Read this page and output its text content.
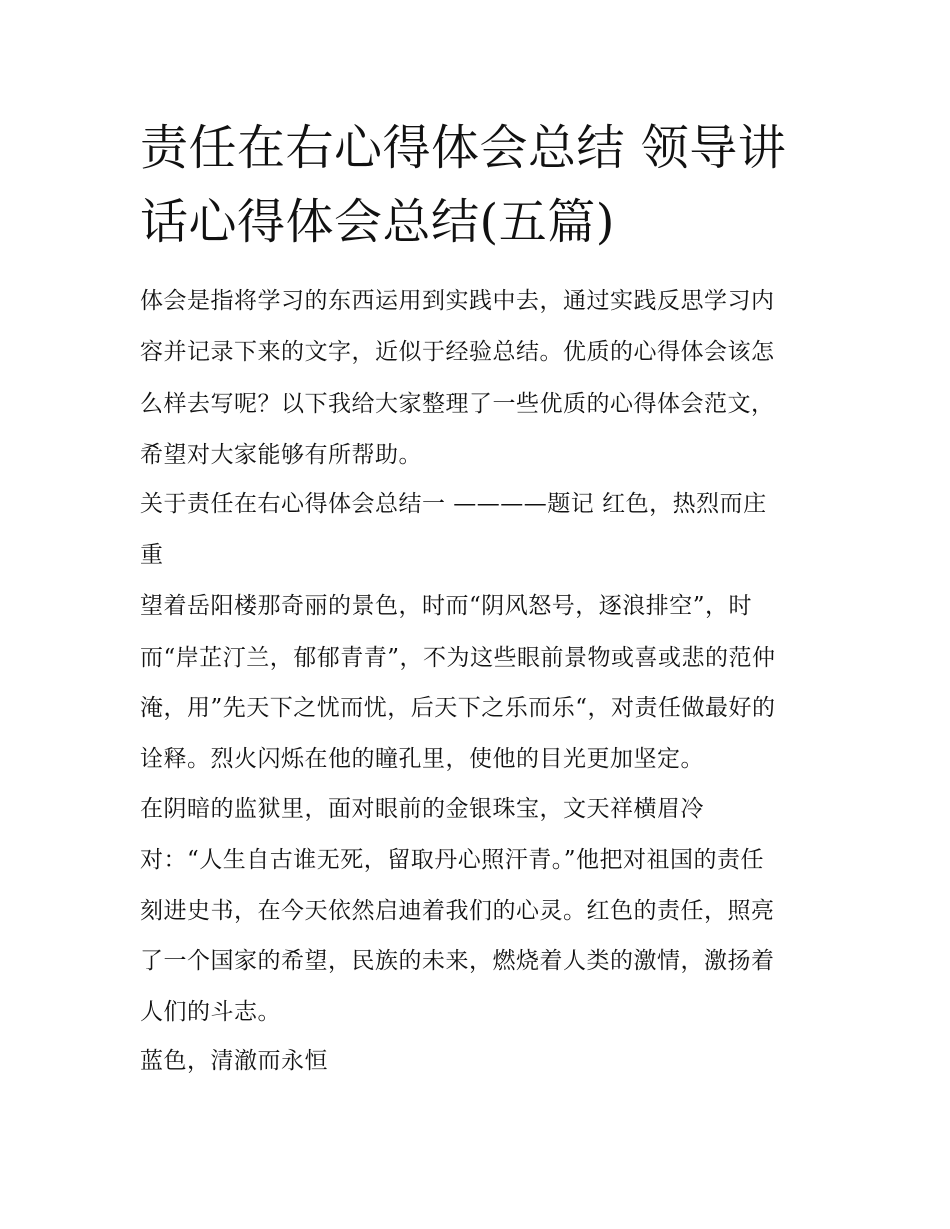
责任在右心得体会总结 领导讲
话心得体会总结(五篇)
体会是指将学习的东西运用到实践中去，通过实践反思学习内
容并记录下来的文字，近似于经验总结。优质的心得体会该怎
么样去写呢？以下我给大家整理了一些优质的心得体会范文，
希望对大家能够有所帮助。
关于责任在右心得体会总结一 ————题记 红色，热烈而庄
重
望着岳阳楼那奇丽的景色，时而“阴风怒号，逐浪排空”，时
而“岸芷汀兰，郁郁青青”，不为这些眼前景物或喜或悲的范仲
淹，用”先天下之忧而忧，后天下之乐而乐“，对责任做最好的
诠释。烈火闪烁在他的瞳孔里，使他的目光更加坚定。
在阴暗的监狱里，面对眼前的金银珠宝，文天祥横眉冷
对：“人生自古谁无死，留取丹心照汗青。”他把对祖国的责任
刻进史书，在今天依然启迪着我们的心灵。红色的责任，照亮
了一个国家的希望，民族的未来，燃烧着人类的激情，激扬着
人们的斗志。
蓝色，清澈而永恒
